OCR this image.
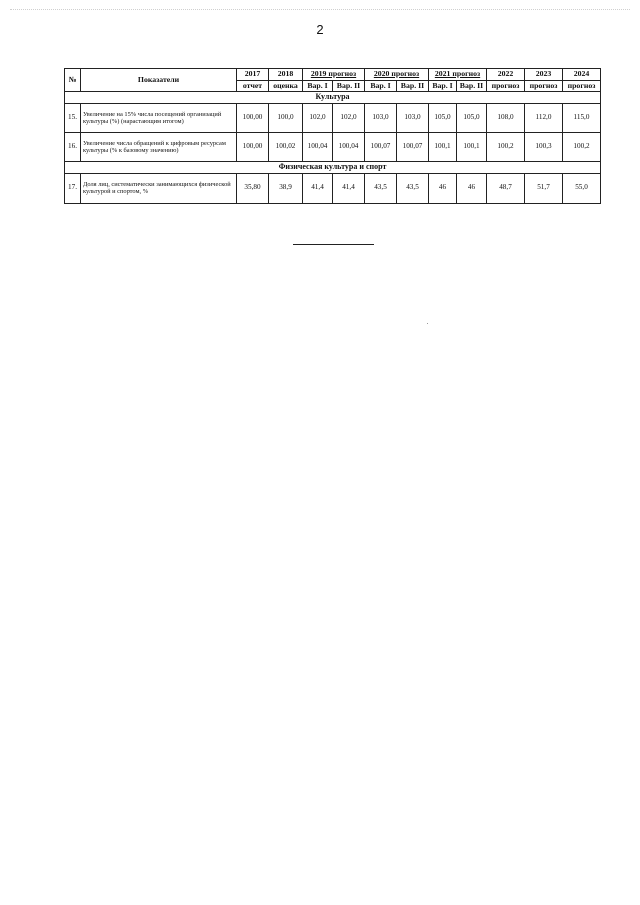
2
№	Показатели	2017	2018	2019 прогноз		2020 прогноз		2021 прогноз		2022	2023	2024
		отчет	оценка	Вар. I	Вар. II	Вар. I	Вар. II	Вар. I	Вар. II	прогноз	прогноз	прогноз
Культура												
15.	Увеличение на 15% числа посещений организаций культуры (%) (нарастающим итогом)	100,00	100,0	102,0	102,0	103,0	103,0	105,0	105,0	108,0	112,0	115,0
16.	Увеличение числа обращений к цифровым ресурсам культуры (% к базовому значению)	100,00	100,02	100,04	100,04	100,07	100,07	100,1	100,1	100,2	100,3	100,2
Физическая культура и спорт												
17.	Доля лиц, систематически занимающихся физической культурой и спортом, %	35,80	38,9	41,4	41,4	43,5	43,5	46	46	48,7	51,7	55,0
